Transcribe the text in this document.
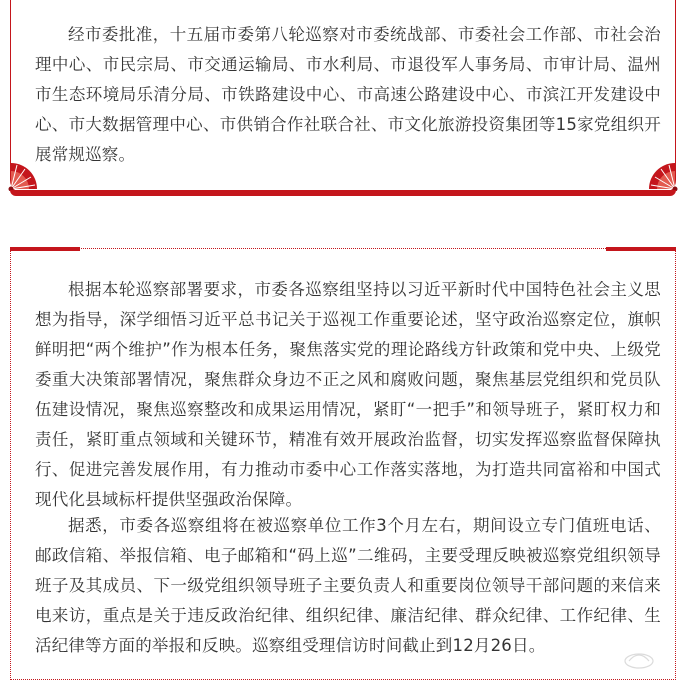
经市委批准，十五届市委第八轮巡察对市委统战部、市委社会工作部、市社会治理中心、市民宗局、市交通运输局、市水利局、市退役军人事务局、市审计局、温州市生态环境局乐清分局、市铁路建设中心、市高速公路建设中心、市滨江开发建设中心、市大数据管理中心、市供销合作社联合社、市文化旅游投资集团等15家党组织开展常规巡察。

根据本轮巡察部署要求，市委各巡察组坚持以习近平新时代中国特色社会主义思想为指导，深学细悟习近平总书记关于巡视工作重要论述，坚守政治巡察定位，旗帜鲜明把“两个维护”作为根本任务，聚焦落实党的理论路线方针政策和党中央、上级党委重大决策部署情况，聚焦群众身边不正之风和腐败问题，聚焦基层党组织和党员队伍建设情况，聚焦巡察整改和成果运用情况，紧盯“一把手”和领导班子，紧盯权力和责任，紧盯重点领域和关键环节，精准有效开展政治监督，切实发挥巡察监督保障执行、促进完善发展作用，有力推动市委中心工作落实落地，为打造共同富裕和中国式现代化县域标杆提供坚强政治保障。

据悉，市委各巡察组将在被巡察单位工作3个月左右，期间设立专门值班电话、邮政信箱、举报信箱、电子邮箱和“码上巡”二维码，主要受理反映被巡察党组织领导班子及其成员、下一级党组织领导班子主要负责人和重要岗位领导干部问题的来信来电来访，重点是关于违反政治纪律、组织纪律、廉洁纪律、群众纪律、工作纪律、生活纪律等方面的举报和反映。巡察组受理信访时间截止到12月26日。
